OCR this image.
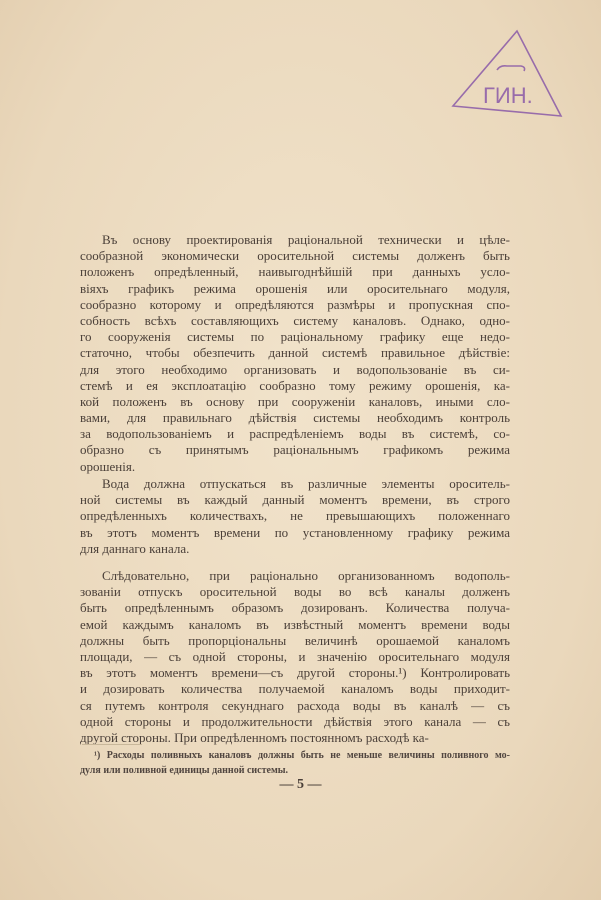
ГИН.
Въ основу проектированія раціональной технически и цѣле-
сообразной экономически оросительной системы долженъ быть
положенъ опредѣленный, наивыгоднѣйшій при данныхъ усло-
віяхъ графикъ режима орошенія или оросительнаго модуля,
сообразно которому и опредѣляются размѣры и пропускная спо-
собность всѣхъ составляющихъ систему каналовъ. Однако, одно-
го сооруженія системы по раціональному графику еще недо-
статочно, чтобы обезпечить данной системѣ правильное дѣйствіе:
для этого необходимо организовать и водопользованіе въ си-
стемѣ и ея эксплоатацію сообразно тому режиму орошенія, ка-
кой положенъ въ основу при сооруженіи каналовъ, иными сло-
вами, для правильнаго дѣйствія системы необходимъ контроль
за водопользованіемъ и распредѣленіемъ воды въ системѣ, со-
образно съ принятымъ раціональнымъ графикомъ режима
орошенія.
Вода должна отпускаться въ различные элементы ороситель-
ной системы въ каждый данный моментъ времени, въ строго
опредѣленныхъ количествахъ, не превышающихъ положеннаго
въ этотъ моментъ времени по установленному графику режима
для даннаго канала.
Слѣдовательно, при раціонально организованномъ водополь-
зованіи отпускъ оросительной воды во всѣ каналы долженъ
быть опредѣленнымъ образомъ дозированъ. Количества получа-
емой каждымъ каналомъ въ извѣстный моментъ времени воды
должны быть пропорціональны величинѣ орошаемой каналомъ
площади, — съ одной стороны, и значенію оросительнаго модуля
въ этотъ моментъ времени—съ другой стороны.¹) Контролировать
и дозировать количества получаемой каналомъ воды приходит-
ся путемъ контроля секунднаго расхода воды въ каналѣ — съ
одной стороны и продолжительности дѣйствія этого канала — съ
другой стороны. При опредѣленномъ постоянномъ расходѣ ка-
¹) Расходы поливныхъ каналовъ должны быть не меньше величины поливного мо-
дуля или поливной единицы данной системы.
— 5 —
